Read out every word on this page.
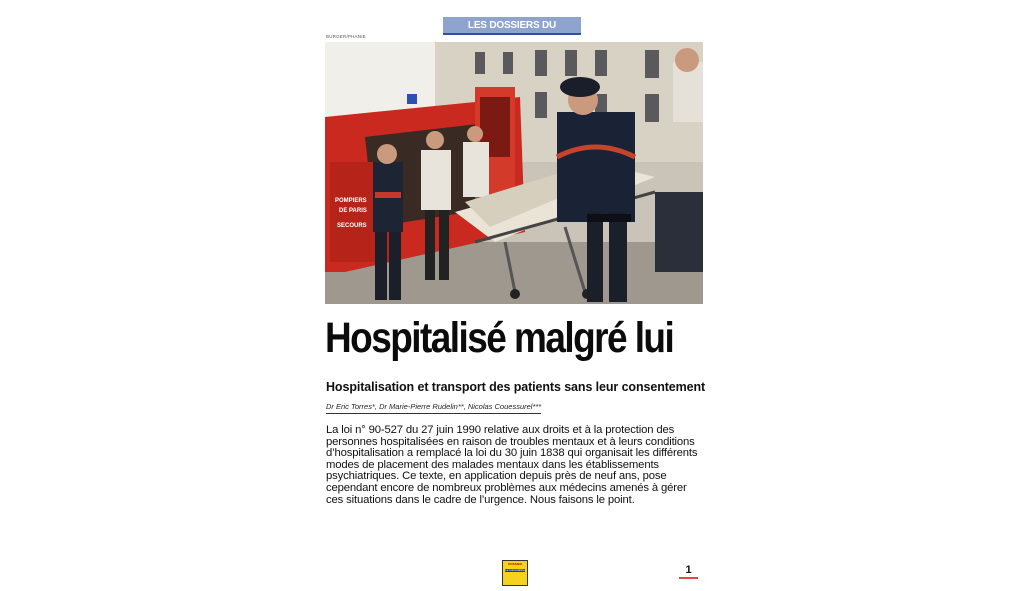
LES DOSSIERS DU
BURGER/PHANIE
POMPIERS
DE PARIS
SECOURS
Hospitalisé malgré lui
Hospitalisation et transport des patients sans leur consentement
Dr Eric Torres*, Dr Marie-Pierre Rudelin**, Nicolas Couessurel***
La loi n° 90-527 du 27 juin 1990 relative aux droits et à la protection des personnes hospitalisées en raison de troubles mentaux et à leurs conditions d’hospitalisation a remplacé la loi du 30 juin 1838 qui organisait les différents modes de placement des malades mentaux dans les établissements psychiatriques. Ce texte, en application depuis près de neuf ans, pose cependant encore de nombreux problèmes aux médecins amenés à gérer ces situations dans le cadre de l’urgence. Nous faisons le point.
DOSSIER
Le Généraliste	1
